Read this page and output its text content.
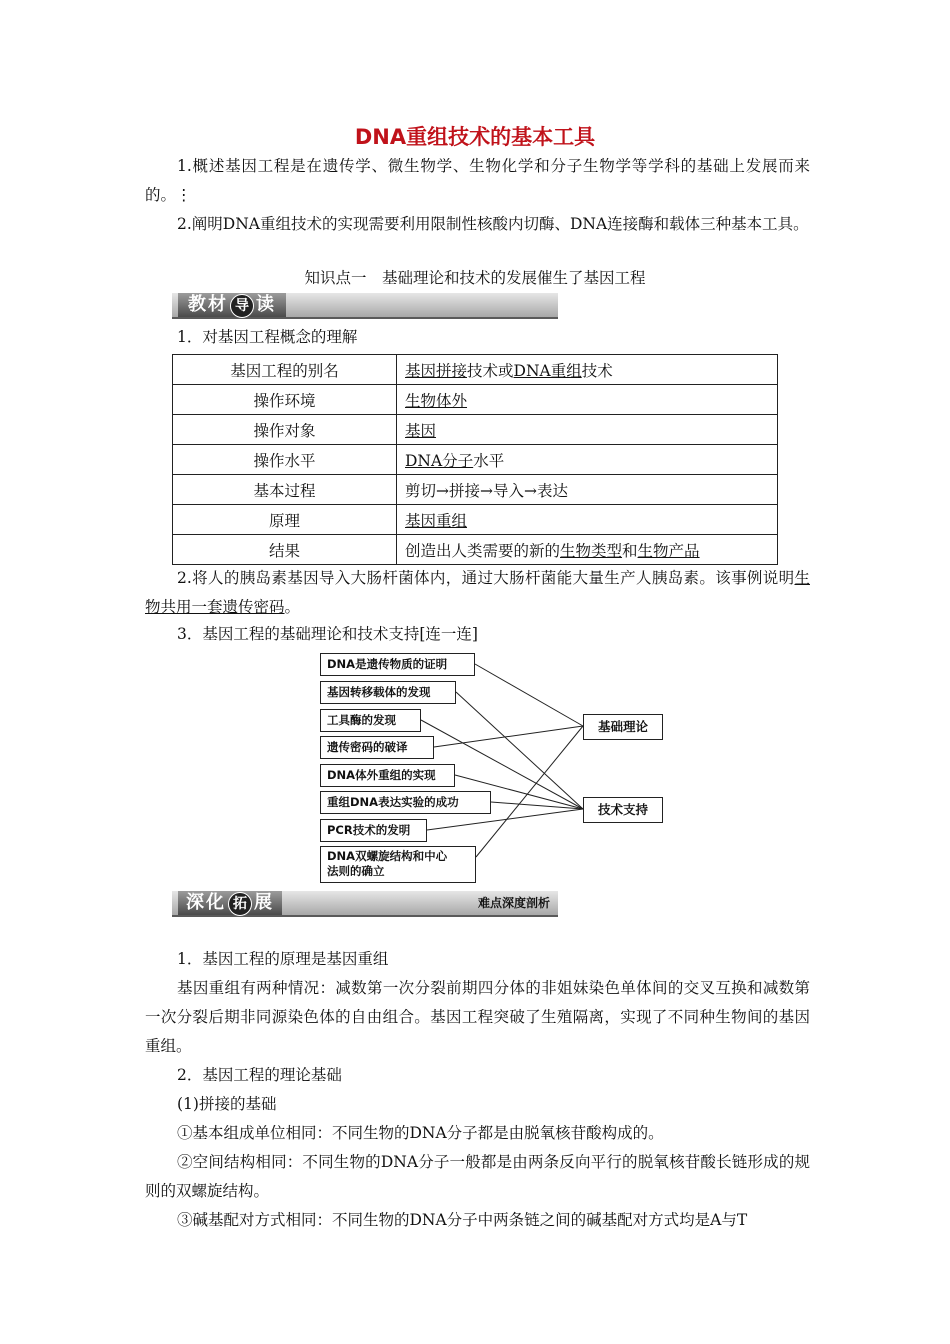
DNA重组技术的基本工具

1.概述基因工程是在遗传学、微生物学、生物化学和分子生物学等学科的基础上发展而来的。⋮

2.阐明DNA重组技术的实现需要利用限制性核酸内切酶、DNA连接酶和载体三种基本工具。

知识点一　基础理论和技术的发展催生了基因工程
教材 导 读

1．对基因工程概念的理解

基因工程的别名	基因拼接技术或DNA重组技术
操作环境	生物体外
操作对象	基因
操作水平	DNA分子水平
基本过程	剪切→拼接→导入→表达
原理	基因重组
结果	创造出人类需要的新的生物类型和生物产品

2.将人的胰岛素基因导入大肠杆菌体内，通过大肠杆菌能大量生产人胰岛素。该事例说明生物共用一套遗传密码。

3．基因工程的基础理论和技术支持[连一连]

DNA是遗传物质的证明
基因转移载体的发现
工具酶的发现
遗传密码的破译
DNA体外重组的实现
重组DNA表达实验的成功
PCR技术的发明
DNA双螺旋结构和中心
法则的确立
基础理论
技术支持
深化 拓 展	难点深度剖析

1．基因工程的原理是基因重组

基因重组有两种情况：减数第一次分裂前期四分体的非姐妹染色单体间的交叉互换和减数第一次分裂后期非同源染色体的自由组合。基因工程突破了生殖隔离，实现了不同种生物间的基因重组。

2．基因工程的理论基础

(1)拼接的基础

①基本组成单位相同：不同生物的DNA分子都是由脱氧核苷酸构成的。

②空间结构相同：不同生物的DNA分子一般都是由两条反向平行的脱氧核苷酸长链形成的规则的双螺旋结构。

③碱基配对方式相同：不同生物的DNA分子中两条链之间的碱基配对方式均是A与T
